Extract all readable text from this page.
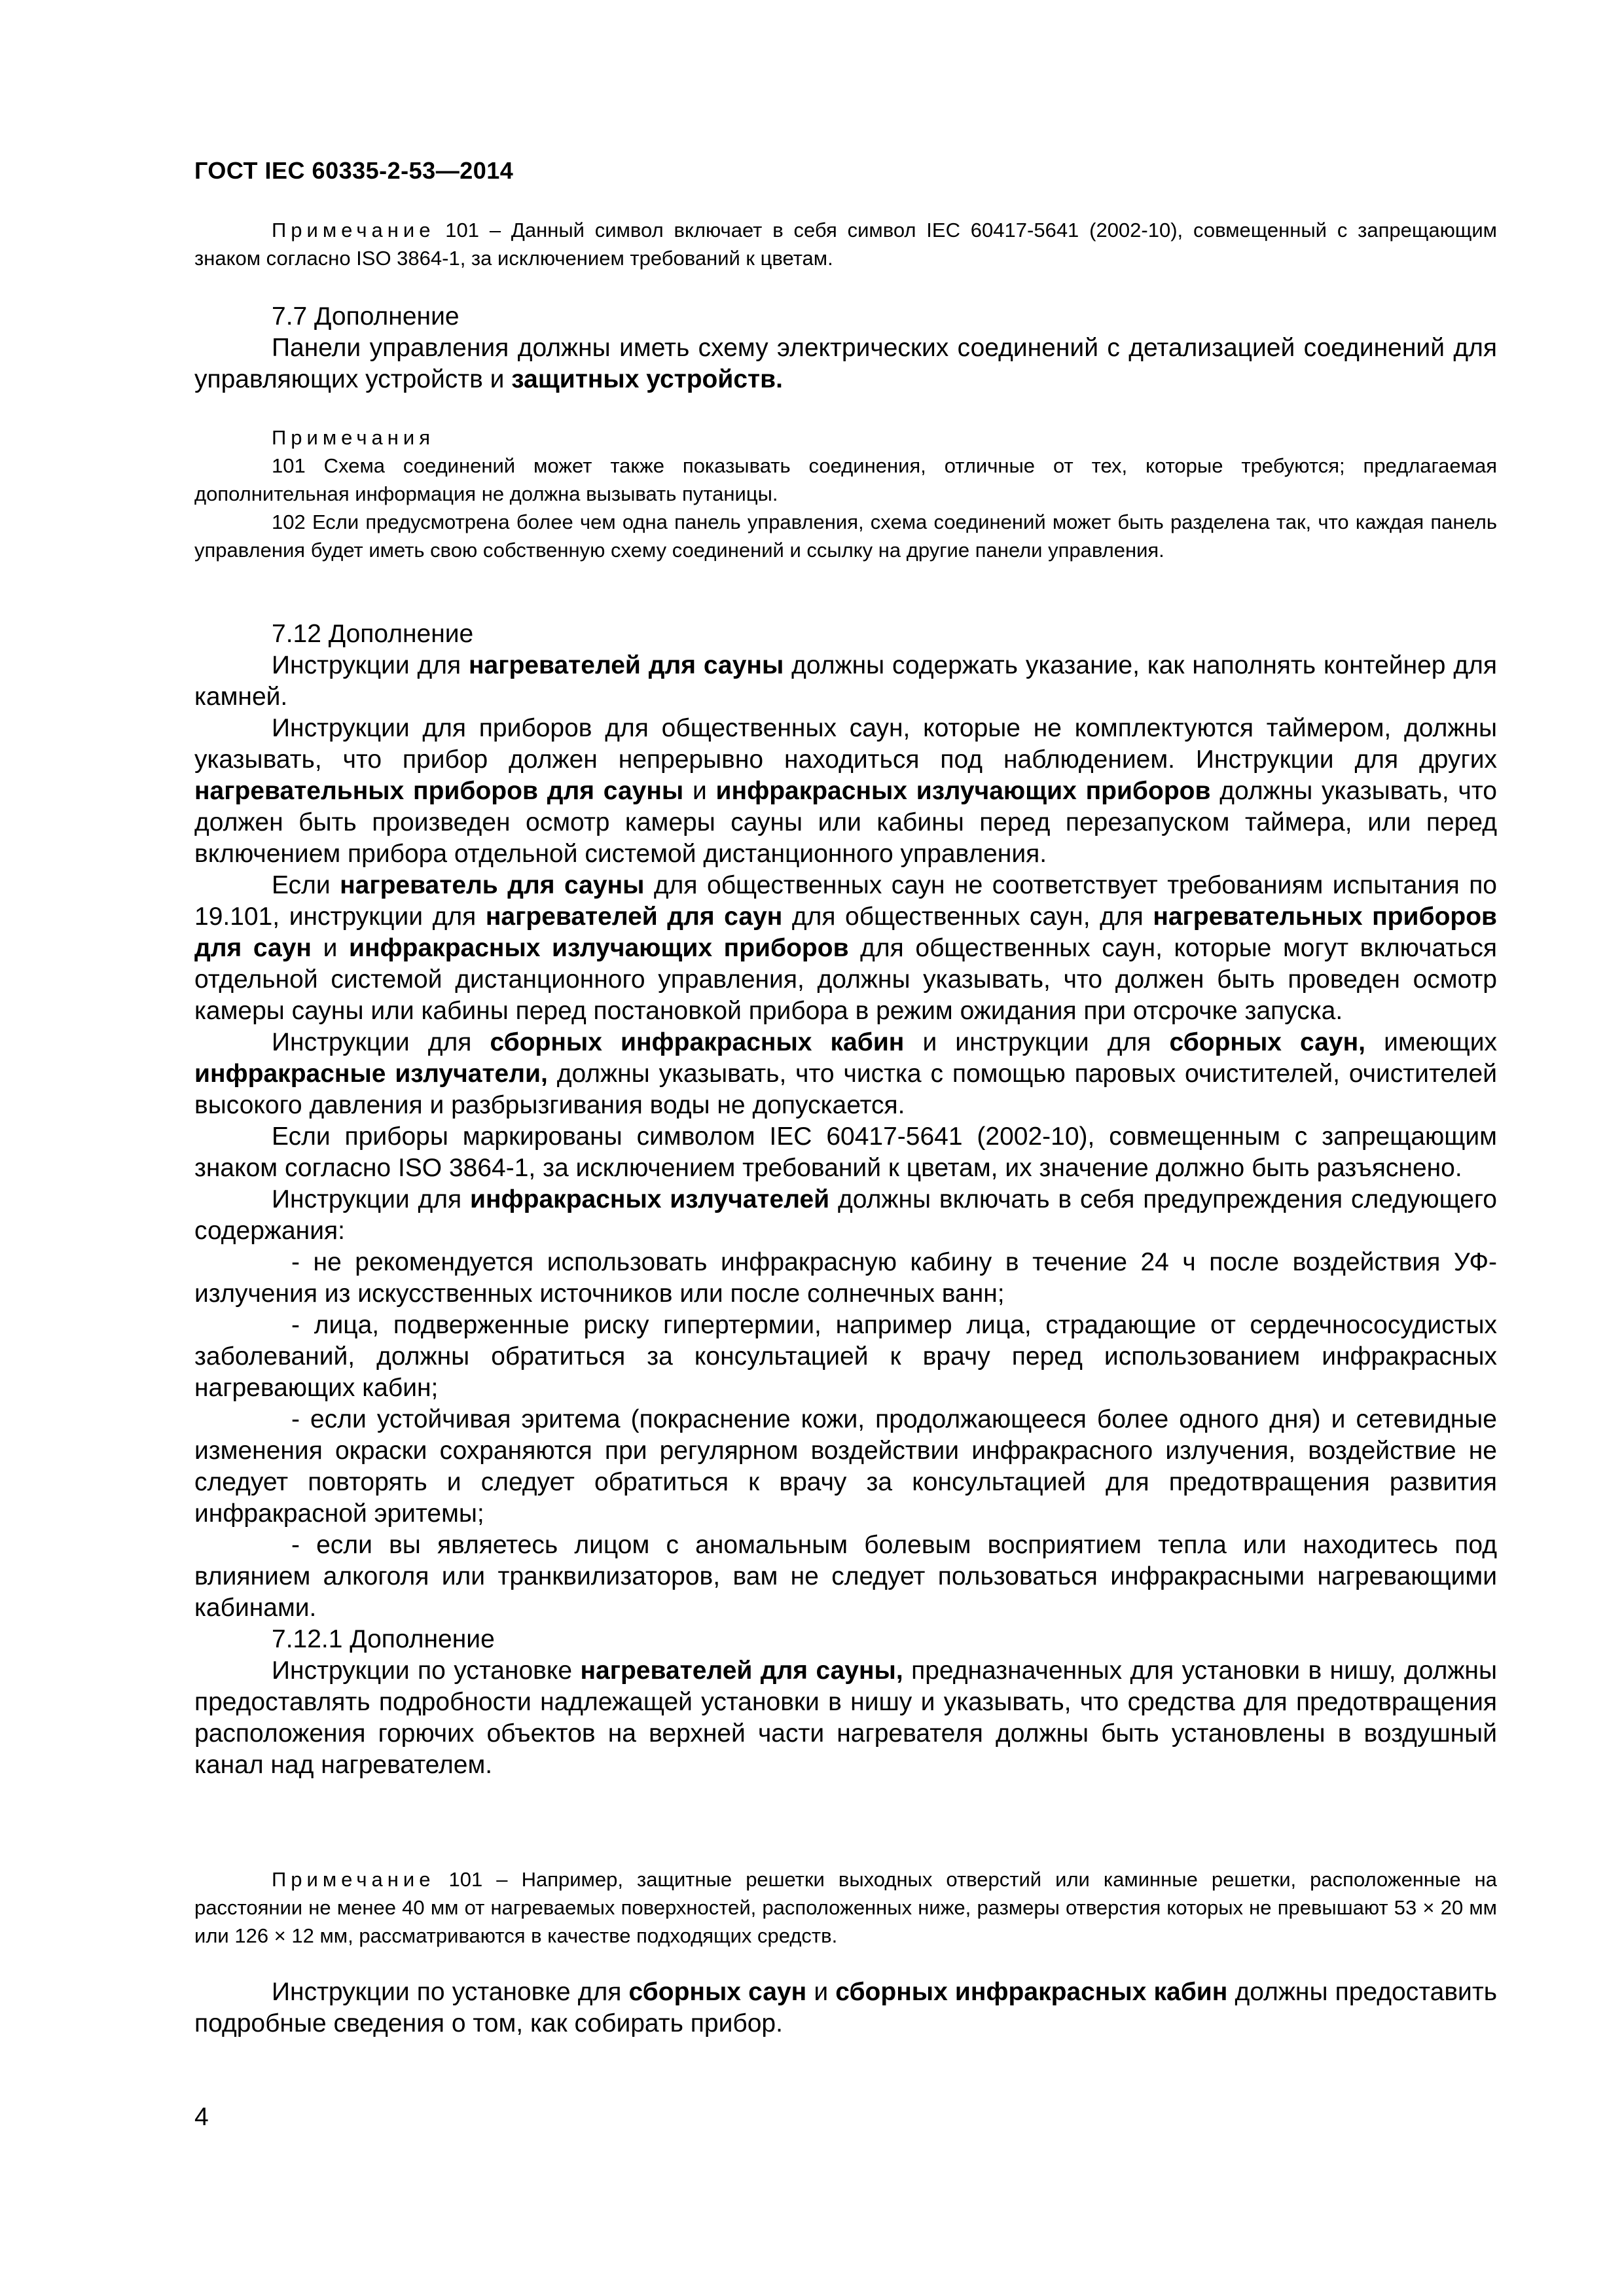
ГОСТ IEC 60335-2-53—2014

Примечание 101 – Данный символ включает в себя символ IEC 60417-5641 (2002-10), совмещенный с запрещающим знаком согласно ISO 3864-1, за исключением требований к цветам.

7.7 Дополнение

Панели управления должны иметь схему электрических соединений с детализацией соединений для управляющих устройств и защитных устройств.

Примечания

101 Схема соединений может также показывать соединения, отличные от тех, которые требуются; предлагаемая дополнительная информация не должна вызывать путаницы.

102 Если предусмотрена более чем одна панель управления, схема соединений может быть разделена так, что каждая панель управления будет иметь свою собственную схему соединений и ссылку на другие панели управления.

7.12 Дополнение

Инструкции для нагревателей для сауны должны содержать указание, как наполнять контейнер для камней.

Инструкции для приборов для общественных саун, которые не комплектуются таймером, должны указывать, что прибор должен непрерывно находиться под наблюдением. Инструкции для других нагревательных приборов для сауны и инфракрасных излучающих приборов должны указывать, что должен быть произведен осмотр камеры сауны или кабины перед перезапуском таймера, или перед включением прибора отдельной системой дистанционного управления.

Если нагреватель для сауны для общественных саун не соответствует требованиям испытания по 19.101, инструкции для нагревателей для саун для общественных саун, для нагревательных приборов для саун и инфракрасных излучающих приборов для общественных саун, которые могут включаться отдельной системой дистанционного управления, должны указывать, что должен быть проведен осмотр камеры сауны или кабины перед постановкой прибора в режим ожидания при отсрочке запуска.

Инструкции для сборных инфракрасных кабин и инструкции для сборных саун, имеющих инфракрасные излучатели, должны указывать, что чистка с помощью паровых очистителей, очистителей высокого давления и разбрызгивания воды не допускается.

Если приборы маркированы символом IEC 60417-5641 (2002-10), совмещенным с запрещающим знаком согласно ISO 3864-1, за исключением требований к цветам, их значение должно быть разъяснено.

Инструкции для инфракрасных излучателей должны включать в себя предупреждения следующего содержания:

- не рекомендуется использовать инфракрасную кабину в течение 24 ч после воздействия УФ-излучения из искусственных источников или после солнечных ванн;

- лица, подверженные риску гипертермии, например лица, страдающие от сердечнососудистых заболеваний, должны обратиться за консультацией к врачу перед использованием инфракрасных нагревающих кабин;

- если устойчивая эритема (покраснение кожи, продолжающееся более одного дня) и сетевидные изменения окраски сохраняются при регулярном воздействии инфракрасного излучения, воздействие не следует повторять и следует обратиться к врачу за консультацией для предотвращения развития инфракрасной эритемы;

- если вы являетесь лицом с аномальным болевым восприятием тепла или находитесь под влиянием алкоголя или транквилизаторов, вам не следует пользоваться инфракрасными нагревающими кабинами.

7.12.1 Дополнение

Инструкции по установке нагревателей для сауны, предназначенных для установки в нишу, должны предоставлять подробности надлежащей установки в нишу и указывать, что средства для предотвращения расположения горючих объектов на верхней части нагревателя должны быть установлены в воздушный канал над нагревателем.

Примечание 101 – Например, защитные решетки выходных отверстий или каминные решетки, расположенные на расстоянии не менее 40 мм от нагреваемых поверхностей, расположенных ниже, размеры отверстия которых не превышают 53 × 20 мм или 126 × 12 мм, рассматриваются в качестве подходящих средств.

Инструкции по установке для сборных саун и сборных инфракрасных кабин должны предоставить подробные сведения о том, как собирать прибор.

4
